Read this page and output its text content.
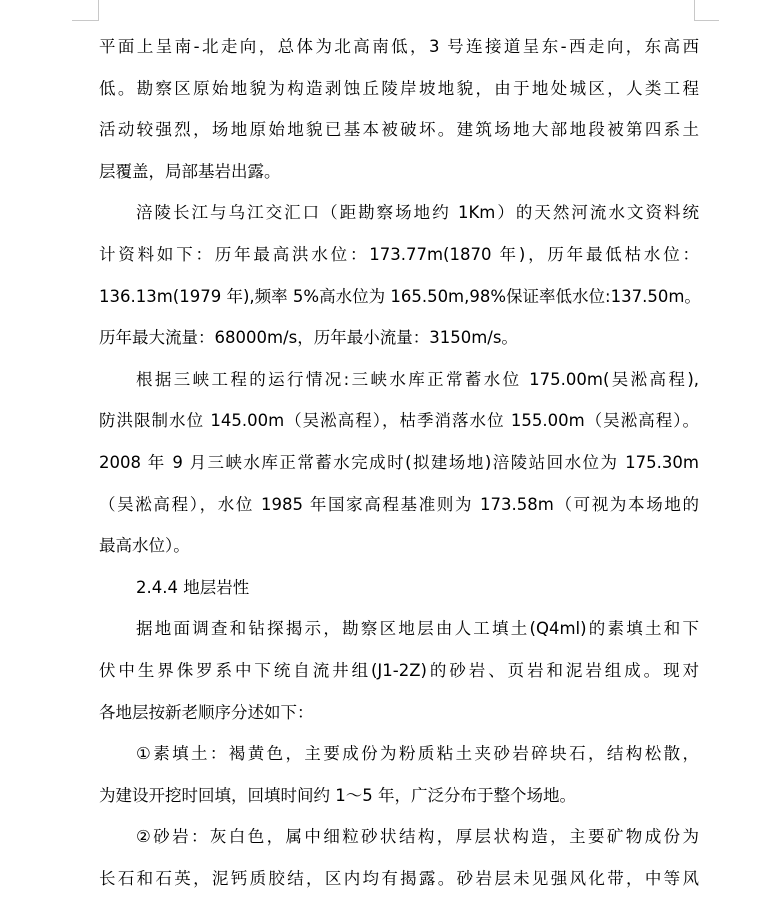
平面上呈南-北走向，总体为北高南低，3 号连接道呈东-西走向，东高西
低。勘察区原始地貌为构造剥蚀丘陵岸坡地貌，由于地处城区，人类工程
活动较强烈，场地原始地貌已基本被破坏。建筑场地大部地段被第四系土
层覆盖，局部基岩出露。
涪陵长江与乌江交汇口（距勘察场地约 1Km）的天然河流水文资料统
计资料如下：历年最高洪水位：173.77m(1870 年)，历年最低枯水位：
136.13m(1979 年),频率 5%高水位为 165.50m,98%保证率低水位:137.50m。
历年最大流量：68000m/s，历年最小流量：3150m/s。
根据三峡工程的运行情况:三峡水库正常蓄水位 175.00m(吴淞高程),
防洪限制水位 145.00m（吴淞高程），枯季消落水位 155.00m（吴淞高程）。
2008 年 9 月三峡水库正常蓄水完成时(拟建场地)涪陵站回水位为 175.30m
（吴淞高程），水位 1985 年国家高程基准则为 173.58m（可视为本场地的
最高水位）。
2.4.4 地层岩性
据地面调查和钻探揭示，勘察区地层由人工填土(Q4ml)的素填土和下
伏中生界侏罗系中下统自流井组(J1-2Z)的砂岩、页岩和泥岩组成。现对
各地层按新老顺序分述如下：
①素填土：褐黄色，主要成份为粉质粘土夹砂岩碎块石，结构松散，
为建设开挖时回填，回填时间约 1～5 年，广泛分布于整个场地。
②砂岩：灰白色，属中细粒砂状结构，厚层状构造，主要矿物成份为
长石和石英，泥钙质胶结，区内均有揭露。砂岩层未见强风化带，中等风
